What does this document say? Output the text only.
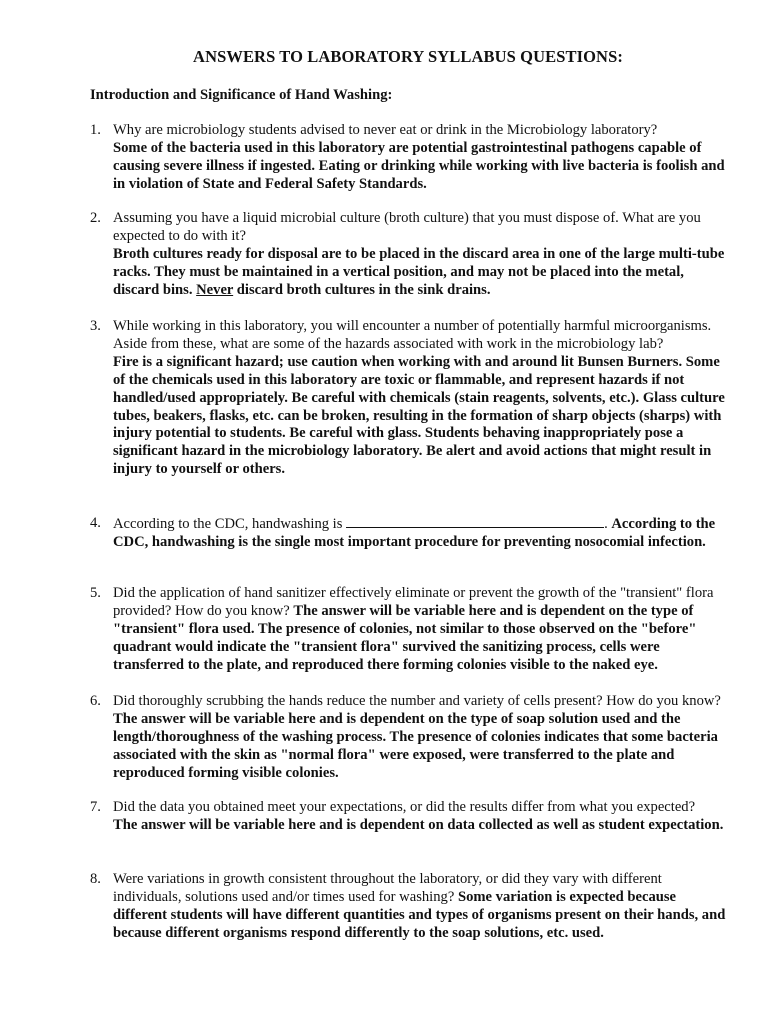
ANSWERS TO LABORATORY SYLLABUS QUESTIONS:
Introduction and Significance of Hand Washing:
1. Why are microbiology students advised to never eat or drink in the Microbiology laboratory?
Some of the bacteria used in this laboratory are potential gastrointestinal pathogens capable of causing severe illness if ingested. Eating or drinking while working with live bacteria is foolish and in violation of State and Federal Safety Standards.
2. Assuming you have a liquid microbial culture (broth culture) that you must dispose of. What are you expected to do with it?
Broth cultures ready for disposal are to be placed in the discard area in one of the large multi-tube racks. They must be maintained in a vertical position, and may not be placed into the metal, discard bins. Never discard broth cultures in the sink drains.
3. While working in this laboratory, you will encounter a number of potentially harmful microorganisms. Aside from these, what are some of the hazards associated with work in the microbiology lab?
Fire is a significant hazard; use caution when working with and around lit Bunsen Burners. Some of the chemicals used in this laboratory are toxic or flammable, and represent hazards if not handled/used appropriately. Be careful with chemicals (stain reagents, solvents, etc.). Glass culture tubes, beakers, flasks, etc. can be broken, resulting in the formation of sharp objects (sharps) with injury potential to students. Be careful with glass. Students behaving inappropriately pose a significant hazard in the microbiology laboratory. Be alert and avoid actions that might result in injury to yourself or others.
4. According to the CDC, handwashing is	. According to the CDC, handwashing is the single most important procedure for preventing nosocomial infection.
5. Did the application of hand sanitizer effectively eliminate or prevent the growth of the "transient" flora provided? How do you know? The answer will be variable here and is dependent on the type of "transient" flora used. The presence of colonies, not similar to those observed on the "before" quadrant would indicate the "transient flora" survived the sanitizing process, cells were transferred to the plate, and reproduced there forming colonies visible to the naked eye.
6. Did thoroughly scrubbing the hands reduce the number and variety of cells present? How do you know? The answer will be variable here and is dependent on the type of soap solution used and the length/thoroughness of the washing process. The presence of colonies indicates that some bacteria associated with the skin as "normal flora" were exposed, were transferred to the plate and reproduced forming visible colonies.
7. Did the data you obtained meet your expectations, or did the results differ from what you expected?
The answer will be variable here and is dependent on data collected as well as student expectation.
8. Were variations in growth consistent throughout the laboratory, or did they vary with different individuals, solutions used and/or times used for washing? Some variation is expected because different students will have different quantities and types of organisms present on their hands, and because different organisms respond differently to the soap solutions, etc. used.
